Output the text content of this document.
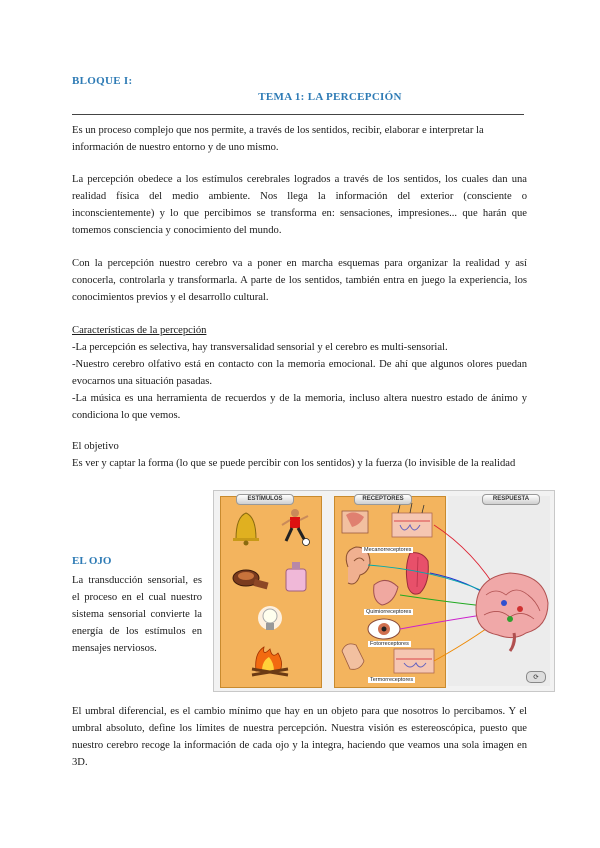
BLOQUE I:
TEMA 1: LA PERCEPCIÓN

Es un proceso complejo que nos permite, a través de los sentidos, recibir, elaborar e interpretar la
información de nuestro entorno y de uno mismo.

La percepción obedece a los estímulos cerebrales logrados a través de los sentidos, los cuales dan una
realidad física del medio ambiente. Nos llega la información del exterior (consciente o
inconscientemente) y lo que percibimos se transforma en: sensaciones, impresiones... que harán que
tomemos consciencia y conocimiento del mundo.

Con la percepción nuestro cerebro va a poner en marcha esquemas para organizar la realidad y así
conocerla, controlarla y transformarla. A parte de los sentidos, también entra en juego la experiencia, los
conocimientos previos y el desarrollo cultural.

Características de la percepción
-La percepción es selectiva, hay transversalidad sensorial y el cerebro es multi-sensorial.
-Nuestro cerebro olfativo está en contacto con la memoria emocional. De ahí que algunos olores puedan
evocarnos una situación pasadas.
-La música es una herramienta de recuerdos y de la memoria, incluso altera nuestro estado de ánimo y
condiciona lo que vemos.

El objetivo
Es ver y captar la forma (lo que se puede percibir con los sentidos) y la fuerza (lo invisible de la realidad

ESTÍMULOS	RECEPTORES	RESPUESTA
Mecanorreceptores
Quimiorreceptores
Fotorreceptores
Termorreceptores	⟳
EL OJO

La transducción sensorial, es
el proceso en el cual nuestro
sistema sensorial convierte la
energía de los estímulos en
mensajes nerviosos.

El umbral diferencial, es el cambio mínimo que hay en un objeto para que nosotros lo percibamos. Y el
umbral absoluto, define los límites de nuestra percepción. Nuestra visión es estereoscópica, puesto que
nuestro cerebro recoge la información de cada ojo y la integra, haciendo que veamos una sola imagen en
3D.
